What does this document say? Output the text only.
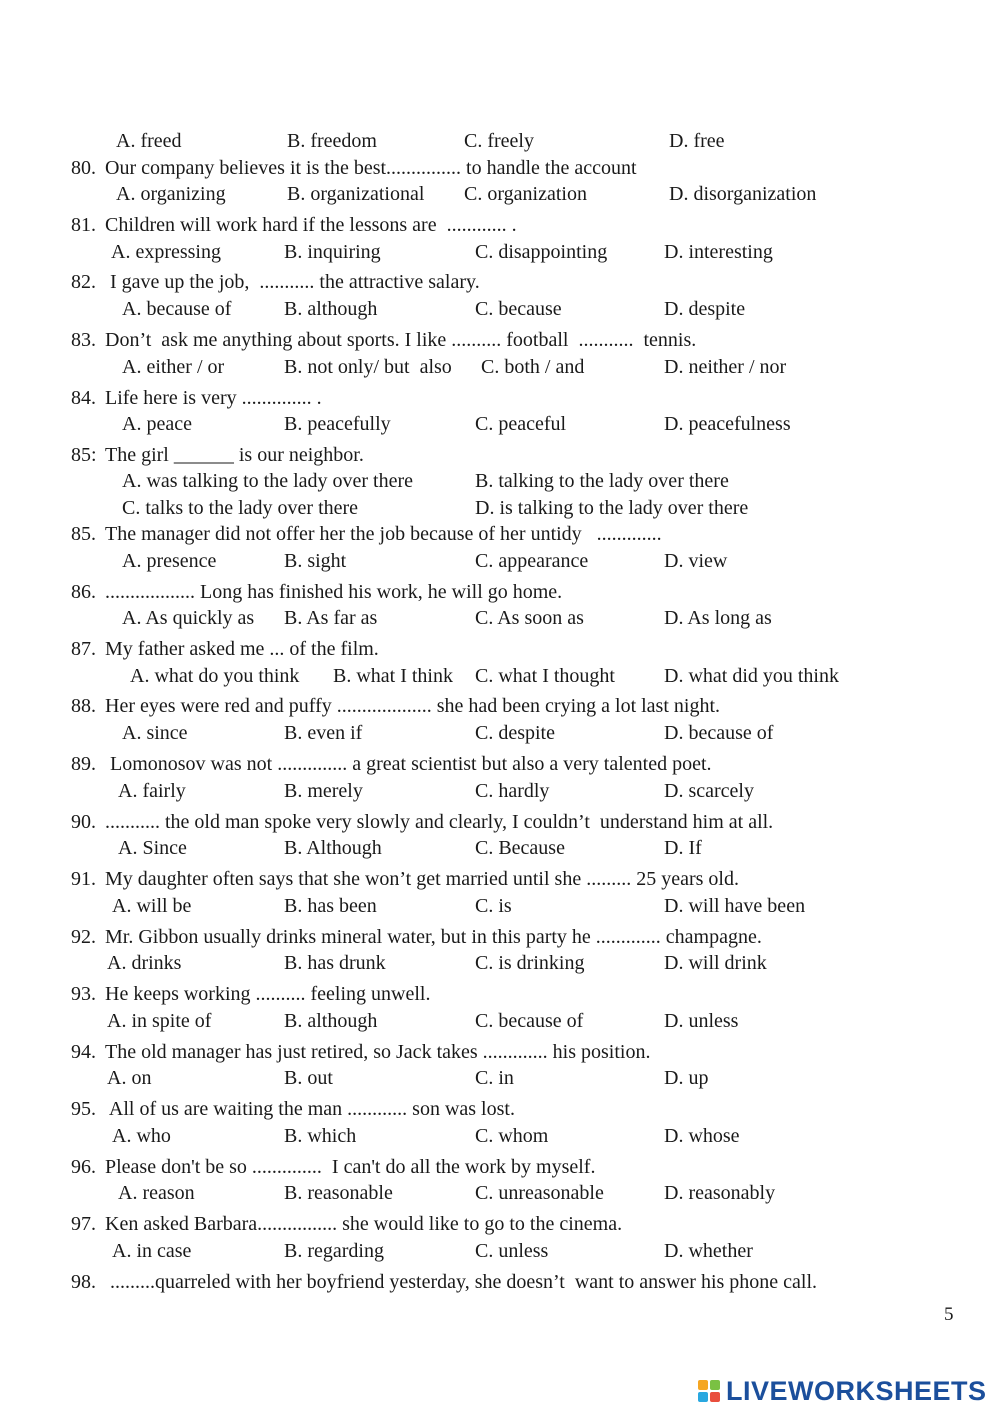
A. freed	B. freedom	C. freely	D. free
80. Our company believes it is the best............... to handle the account
A. organizing	B. organizational C. organization	D. disorganization
81. Children will work hard if the lessons are  ............ .
A. expressing	B. inquiring	C. disappointing	D. interesting
82. I gave up the job,  ........... the attractive salary.
A. because of	B. although	C. because	D. despite
83. Don’t  ask me anything about sports. I like .......... football  ...........  tennis.
A. either / or	B. not only/ but  also C. both / and	D. neither / nor
84. Life here is very .............. .
A. peace	B. peacefully	C. peaceful	D. peacefulness
85: The girl ______ is our neighbor.
A. was talking to the lady over there	B. talking to the lady over there
C. talks to the lady over there	D. is talking to the lady over there
85. The manager did not offer her the job because of her untidy   .............
A. presence	B. sight	C. appearance	D. view
86. .................. Long has finished his work, he will go home.
A. As quickly as B. As far as	C. As soon as	D. As long as
87. My father asked me ... of the film.
A. what do you think B. what I think C. what I thought D. what did you think
88. Her eyes were red and puffy ................... she had been crying a lot last night.
A. since	B. even if	C. despite	D. because of
89. Lomonosov was not .............. a great scientist but also a very talented poet.
A. fairly	B. merely	C. hardly	D. scarcely
90. ........... the old man spoke very slowly and clearly, I couldn’t  understand him at all.
A. Since	B. Although	C. Because	D. If
91. My daughter often says that she won’t get married until she ......... 25 years old.
A. will be	B. has been	C. is	D. will have been
92. Mr. Gibbon usually drinks mineral water, but in this party he ............. champagne.
A. drinks	B. has drunk	C. is drinking	D. will drink
93. He keeps working .......... feeling unwell.
A. in spite of	B. although	C. because of	D. unless
94. The old manager has just retired, so Jack takes ............. his position.
A. on	B. out	C. in	D. up
95. All of us are waiting the man ............ son was lost.
A. who	B. which	C. whom	D. whose
96. Please don't be so ..............  I can't do all the work by myself.
A. reason	B. reasonable	C. unreasonable	D. reasonably
97. Ken asked Barbara................ she would like to go to the cinema.
A. in case	B. regarding	C. unless	D. whether
98. .........quarreled with her boyfriend yesterday, she doesn’t  want to answer his phone call.
5
LIVEWORKSHEETS
